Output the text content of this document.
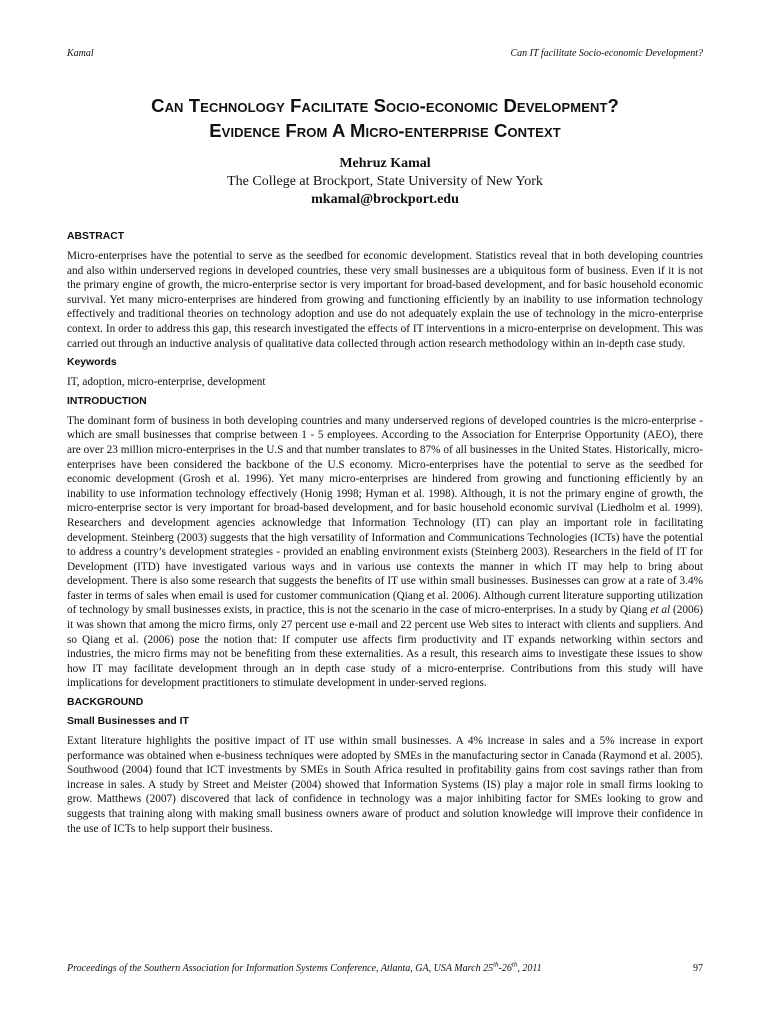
Kamal	Can IT facilitate Socio-economic Development?
Can Technology Facilitate Socio-economic Development?
Evidence From A Micro-enterprise Context
Mehruz Kamal
The College at Brockport, State University of New York
mkamal@brockport.edu
ABSTRACT

Micro-enterprises have the potential to serve as the seedbed for economic development. Statistics reveal that in both developing countries and also within underserved regions in developed countries, these very small businesses are a ubiquitous form of business. Even if it is not the primary engine of growth, the micro-enterprise sector is very important for broad-based development, and for basic household economic survival. Yet many micro-enterprises are hindered from growing and functioning efficiently by an inability to use information technology effectively and traditional theories on technology adoption and use do not adequately explain the use of technology in the micro-enterprise context. In order to address this gap, this research investigated the effects of IT interventions in a micro-enterprise on development. This was carried out through an inductive analysis of qualitative data collected through action research methodology within an in-depth case study.

Keywords

IT, adoption, micro-enterprise, development

INTRODUCTION

The dominant form of business in both developing countries and many underserved regions of developed countries is the micro-enterprise - which are small businesses that comprise between 1 - 5 employees. According to the Association for Enterprise Opportunity (AEO), there are over 23 million micro-enterprises in the U.S and that number translates to 87% of all businesses in the United States. Historically, micro-enterprises have been considered the backbone of the U.S economy. Micro-enterprises have the potential to serve as the seedbed for economic development (Grosh et al. 1996). Yet many micro-enterprises are hindered from growing and functioning efficiently by an inability to use information technology effectively (Honig 1998; Hyman et al. 1998). Although, it is not the primary engine of growth, the micro-enterprise sector is very important for broad-based development, and for basic household economic survival (Liedholm et al. 1999). Researchers and development agencies acknowledge that Information Technology (IT) can play an important role in facilitating development. Steinberg (2003) suggests that the high versatility of Information and Communications Technologies (ICTs) have the potential to address a country’s development strategies - provided an enabling environment exists (Steinberg 2003). Researchers in the field of IT for Development (ITD) have investigated various ways and in various use contexts the manner in which IT may help to bring about development. There is also some research that suggests the benefits of IT use within small businesses. Businesses can grow at a rate of 3.4% faster in terms of sales when email is used for customer communication (Qiang et al. 2006). Although current literature supporting utilization of technology by small businesses exists, in practice, this is not the scenario in the case of micro-enterprises. In a study by Qiang et al (2006) it was shown that among the micro firms, only 27 percent use e-mail and 22 percent use Web sites to interact with clients and suppliers. And so Qiang et al. (2006) pose the notion that: If computer use affects firm productivity and IT expands networking within sectors and industries, the micro firms may not be benefiting from these externalities. As a result, this research aims to investigate these issues to show how IT may facilitate development through an in depth case study of a micro-enterprise. Contributions from this study will have implications for development practitioners to stimulate development in under-served regions.

BACKGROUND
Small Businesses and IT

Extant literature highlights the positive impact of IT use within small businesses. A 4% increase in sales and a 5% increase in export performance was obtained when e-business techniques were adopted by SMEs in the manufacturing sector in Canada (Raymond et al. 2005). Southwood (2004) found that ICT investments by SMEs in South Africa resulted in profitability gains from cost savings rather than from increase in sales. A study by Street and Meister (2004) showed that Information Systems (IS) play a major role in small firms looking to grow. Matthews (2007) discovered that lack of confidence in technology was a major inhibiting factor for SMEs looking to grow and suggests that training along with making small business owners aware of product and solution knowledge will improve their confidence in the use of ICTs to help support their business.

Proceedings of the Southern Association for Information Systems Conference, Atlanta, GA, USA March 25th-26th, 2011	97
